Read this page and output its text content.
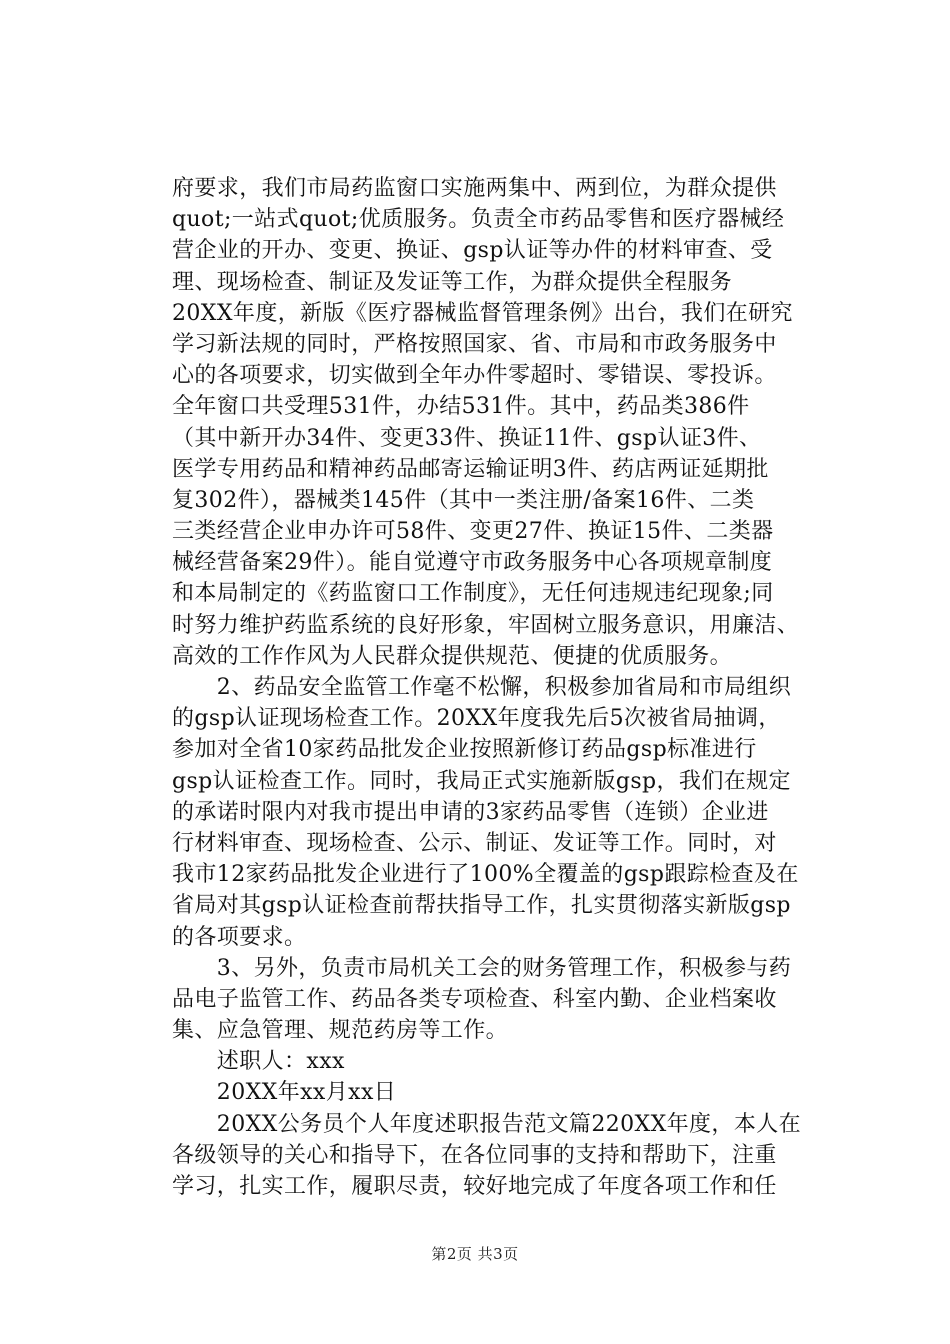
府要求，我们市局药监窗口实施两集中、两到位，为群众提供
quot;一站式quot;优质服务。负责全市药品零售和医疗器械经
营企业的开办、变更、换证、gsp认证等办件的材料审查、受
理、现场检查、制证及发证等工作，为群众提供全程服务
20XX年度，新版《医疗器械监督管理条例》出台，我们在研究
学习新法规的同时，严格按照国家、省、市局和市政务服务中
心的各项要求，切实做到全年办件零超时、零错误、零投诉。
全年窗口共受理531件，办结531件。其中，药品类386件
（其中新开办34件、变更33件、换证11件、gsp认证3件、
医学专用药品和精神药品邮寄运输证明3件、药店两证延期批
复302件），器械类145件（其中一类注册/备案16件、二类
三类经营企业申办许可58件、变更27件、换证15件、二类器
械经营备案29件）。能自觉遵守市政务服务中心各项规章制度
和本局制定的《药监窗口工作制度》，无任何违规违纪现象;同
时努力维护药监系统的良好形象，牢固树立服务意识，用廉洁、
高效的工作作风为人民群众提供规范、便捷的优质服务。
　　2、药品安全监管工作毫不松懈，积极参加省局和市局组织
的gsp认证现场检查工作。20XX年度我先后5次被省局抽调，
参加对全省10家药品批发企业按照新修订药品gsp标准进行
gsp认证检查工作。同时，我局正式实施新版gsp，我们在规定
的承诺时限内对我市提出申请的3家药品零售（连锁）企业进
行材料审查、现场检查、公示、制证、发证等工作。同时，对
我市12家药品批发企业进行了100%全覆盖的gsp跟踪检查及在
省局对其gsp认证检查前帮扶指导工作，扎实贯彻落实新版gsp
的各项要求。
　　3、另外，负责市局机关工会的财务管理工作，积极参与药
品电子监管工作、药品各类专项检查、科室内勤、企业档案收
集、应急管理、规范药房等工作。
　　述职人：xxx
　　20XX年xx月xx日
　　20XX公务员个人年度述职报告范文篇220XX年度，本人在
各级领导的关心和指导下，在各位同事的支持和帮助下，注重
学习，扎实工作，履职尽责，较好地完成了年度各项工作和任
第2页 共3页
